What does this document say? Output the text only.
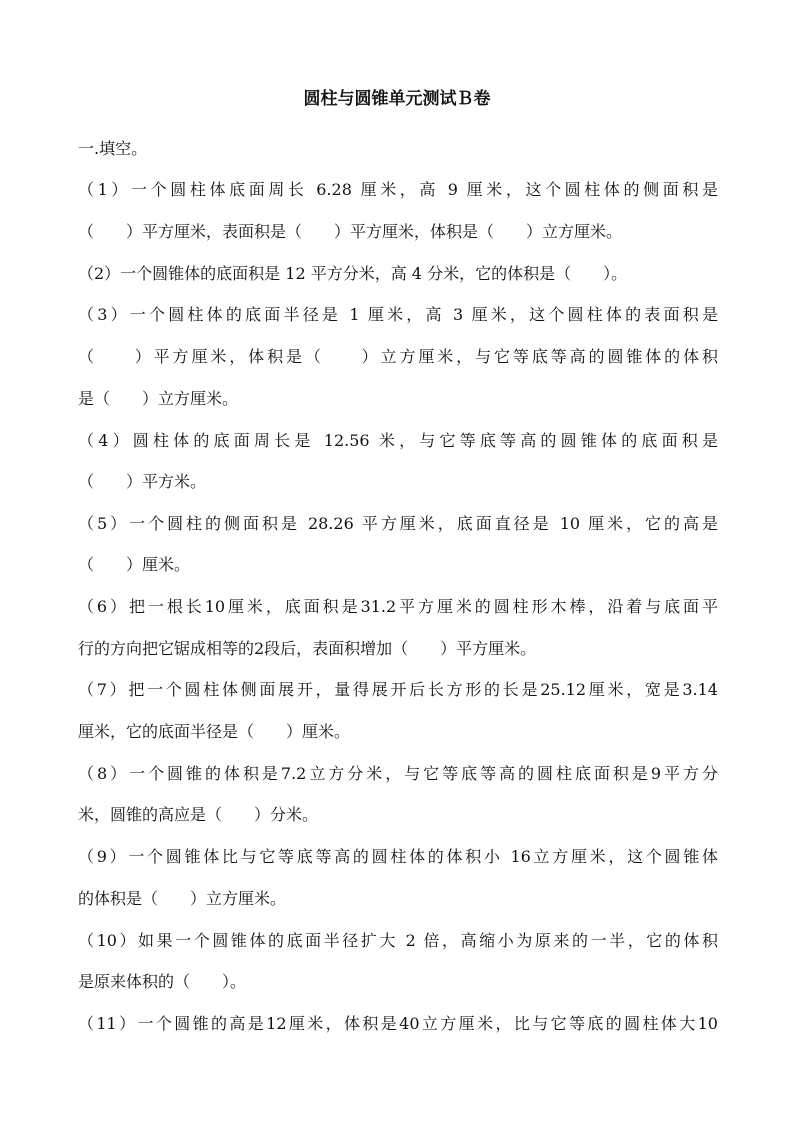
圆柱与圆锥单元测试Ｂ卷
一.填空。
（1）一个圆柱体底面周长 6.28 厘米，高 9 厘米，这个圆柱体的侧面积是
（　　）平方厘米，表面积是（　　）平方厘米，体积是（　　）立方厘米。
（2）一个圆锥体的底面积是 12 平方分米，高 4 分米，它的体积是（　　）。
（3）一个圆柱体的底面半径是 1 厘米，高 3 厘米，这个圆柱体的表面积是
（　　）平方厘米，体积是（　　）立方厘米，与它等底等高的圆锥体的体积
是（　　）立方厘米。
（4）圆柱体的底面周长是 12.56 米，与它等底等高的圆锥体的底面积是
（　　）平方米。
（5）一个圆柱的侧面积是 28.26 平方厘米，底面直径是 10 厘米，它的高是
（　　）厘米。
（6）把一根长10厘米，底面积是31.2平方厘米的圆柱形木棒，沿着与底面平
行的方向把它锯成相等的2段后，表面积增加（　　）平方厘米。
（7）把一个圆柱体侧面展开，量得展开后长方形的长是25.12厘米，宽是3.14
厘米，它的底面半径是（　　）厘米。
（8）一个圆锥的体积是7.2立方分米，与它等底等高的圆柱底面积是9平方分
米，圆锥的高应是（　　）分米。
（9）一个圆锥体比与它等底等高的圆柱体的体积小 16立方厘米，这个圆锥体
的体积是（　　）立方厘米。
（10）如果一个圆锥体的底面半径扩大 2 倍，高缩小为原来的一半，它的体积
是原来体积的（　　）。
（11）一个圆锥的高是12厘米，体积是40立方厘米，比与它等底的圆柱体大10
